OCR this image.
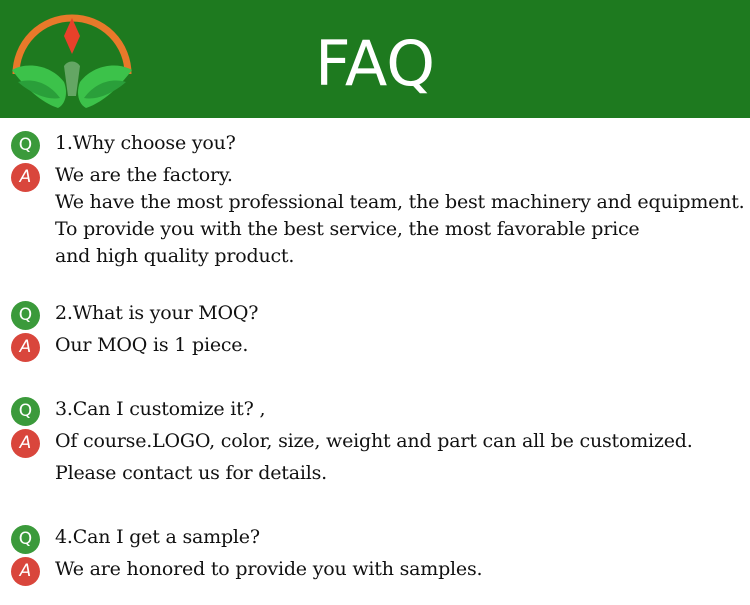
FAQ
Q	1.Why choose you?
A	We are the factory.
We have the most professional team, the best machinery and equipment.
To provide you with the best service, the most favorable price
and high quality product.
Q	2.What is your MOQ?
A	Our MOQ is 1 piece.
Q	3.Can I customize it? ,
A	Of course.LOGO, color, size, weight and part can all be customized.
Please contact us for details.
Q	4.Can I get a sample?
A	We are honored to provide you with samples.
